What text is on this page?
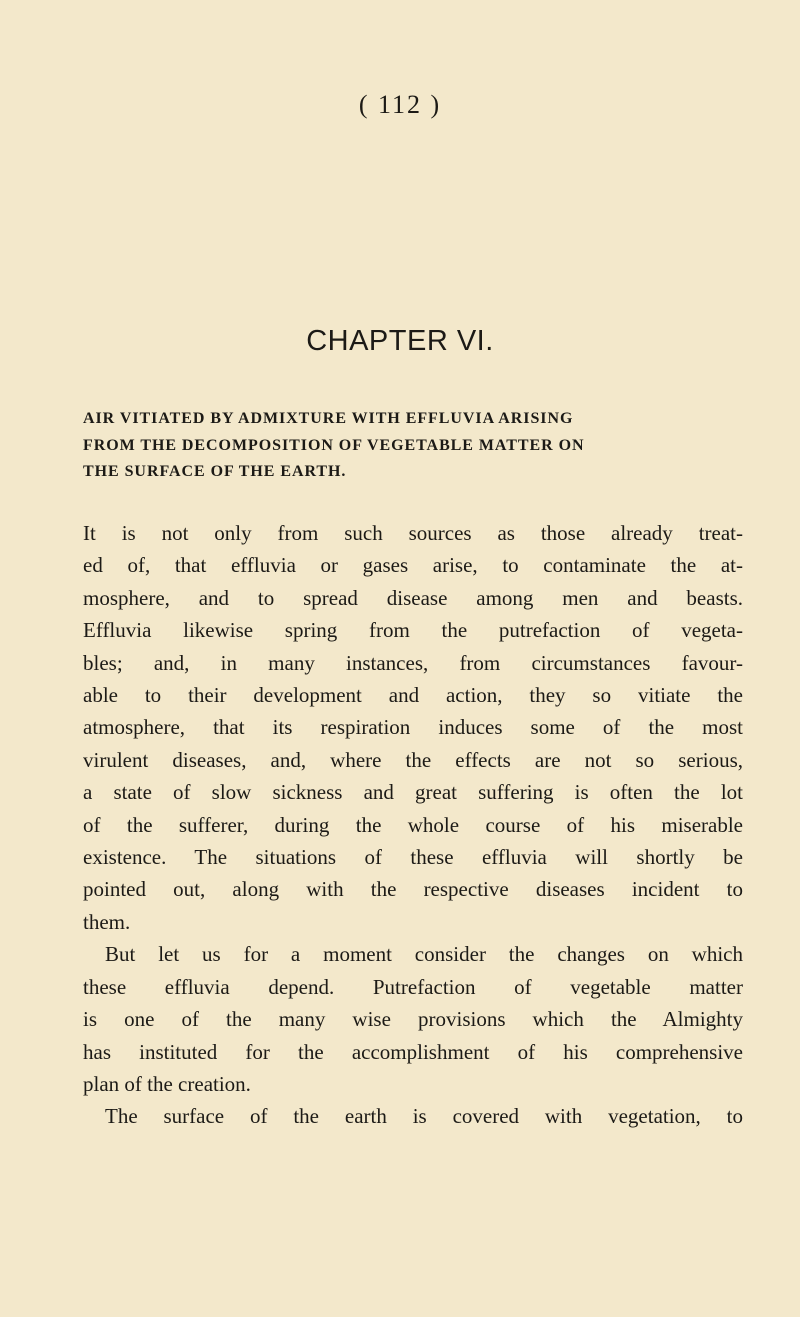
( 112 )
CHAPTER VI.
AIR VITIATED BY ADMIXTURE WITH EFFLUVIA ARISING
FROM THE DECOMPOSITION OF VEGETABLE MATTER ON
THE SURFACE OF THE EARTH.
It is not only from such sources as those already treat-
ed of, that effluvia or gases arise, to contaminate the at-
mosphere, and to spread disease among men and beasts.
Effluvia likewise spring from the putrefaction of vegeta-
bles; and, in many instances, from circumstances favour-
able to their development and action, they so vitiate the
atmosphere, that its respiration induces some of the most
virulent diseases, and, where the effects are not so serious,
a state of slow sickness and great suffering is often the lot
of the sufferer, during the whole course of his miserable
existence. The situations of these effluvia will shortly be
pointed out, along with the respective diseases incident to
them.
But let us for a moment consider the changes on which
these effluvia depend. Putrefaction of vegetable matter
is one of the many wise provisions which the Almighty
has instituted for the accomplishment of his comprehensive
plan of the creation.
The surface of the earth is covered with vegetation, to
